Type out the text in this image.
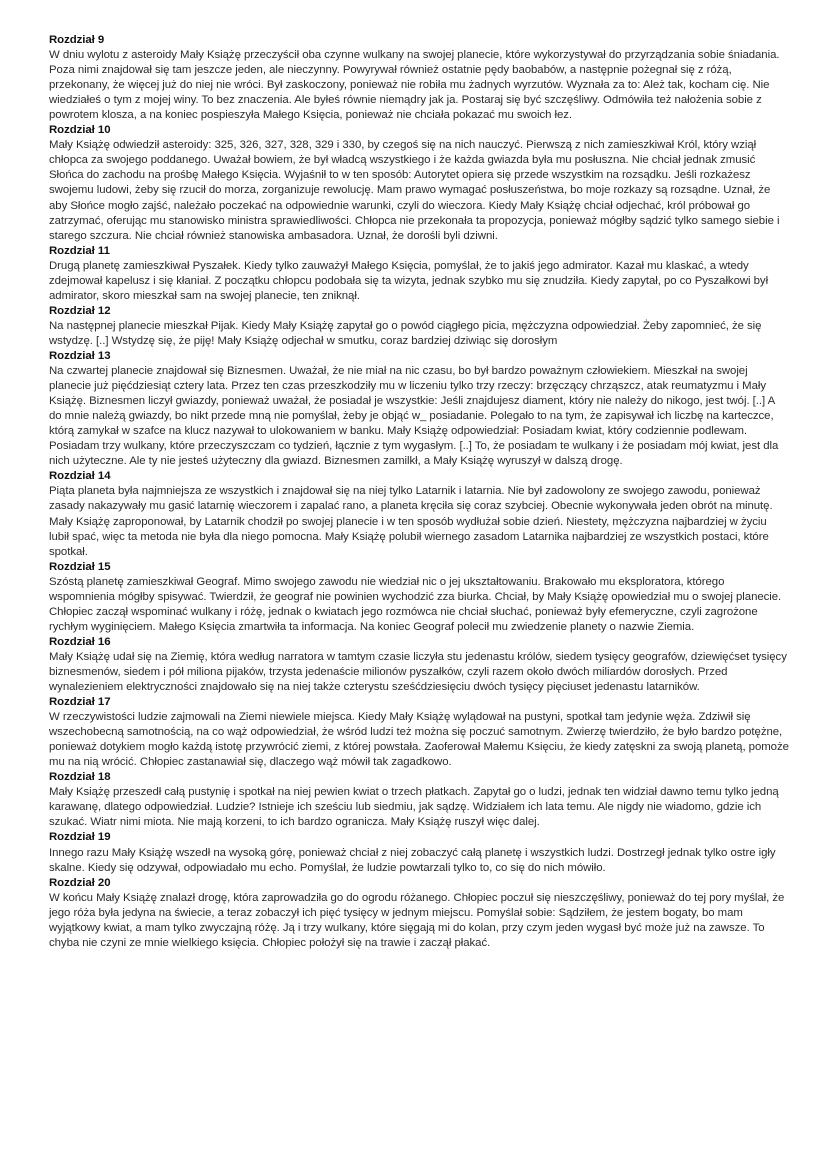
Rozdział 9

W dniu wylotu z asteroidy Mały Książę przeczyścił oba czynne wulkany na swojej planecie, które wykorzystywał do przyrządzania sobie śniadania. Poza nimi znajdował się tam jeszcze jeden, ale nieczynny. Powyrywał również ostatnie pędy baobabów, a następnie pożegnał się z różą, przekonany, że więcej już do niej nie wróci. Był zaskoczony, ponieważ nie robiła mu żadnych wyrzutów. Wyznała za to: Ależ tak, kocham cię. Nie wiedziałeś o tym z mojej winy. To bez znaczenia. Ale byłeś równie niemądry jak ja. Postaraj się być szczęśliwy. Odmówiła też nałożenia sobie z powrotem klosza, a na koniec pospieszyła Małego Księcia, ponieważ nie chciała pokazać mu swoich łez.

Rozdział 10

Mały Książę odwiedził asteroidy: 325, 326, 327, 328, 329 i 330, by czegoś się na nich nauczyć. Pierwszą z nich zamieszkiwał Król, który wziął chłopca za swojego poddanego. Uważał bowiem, że był władcą wszystkiego i że każda gwiazda była mu posłuszna. Nie chciał jednak zmusić Słońca do zachodu na prośbę Małego Księcia. Wyjaśnił to w ten sposób: Autorytet opiera się przede wszystkim na rozsądku. Jeśli rozkażesz swojemu ludowi, żeby się rzucił do morza, zorganizuje rewolucję. Mam prawo wymagać posłuszeństwa, bo moje rozkazy są rozsądne. Uznał, że aby Słońce mogło zajść, należało poczekać na odpowiednie warunki, czyli do wieczora. Kiedy Mały Książę chciał odjechać, król próbował go zatrzymać, oferując mu stanowisko ministra sprawiedliwości. Chłopca nie przekonała ta propozycja, ponieważ mógłby sądzić tylko samego siebie i starego szczura. Nie chciał również stanowiska ambasadora. Uznał, że dorośli byli dziwni.

Rozdział 11

Drugą planetę zamieszkiwał Pyszałek. Kiedy tylko zauważył Małego Księcia, pomyślał, że to jakiś jego admirator. Kazał mu klaskać, a wtedy zdejmował kapelusz i się kłaniał. Z początku chłopcu podobała się ta wizyta, jednak szybko mu się znudziła. Kiedy zapytał, po co Pyszałkowi był admirator, skoro mieszkał sam na swojej planecie, ten zniknął.

Rozdział 12

Na następnej planecie mieszkał Pijak. Kiedy Mały Książę zapytał go o powód ciągłego picia, mężczyzna odpowiedział. Żeby zapomnieć, że się wstydzę. [..] Wstydzę się, że piję! Mały Książę odjechał w smutku, coraz bardziej dziwiąc się dorosłym

Rozdział 13

Na czwartej planecie znajdował się Biznesmen. Uważał, że nie miał na nic czasu, bo był bardzo poważnym człowiekiem. Mieszkał na swojej planecie już pięćdziesiąt cztery lata. Przez ten czas przeszkodziły mu w liczeniu tylko trzy rzeczy: brzęczący chrząszcz, atak reumatyzmu i Mały Książę. Biznesmen liczył gwiazdy, ponieważ uważał, że posiadał je wszystkie: Jeśli znajdujesz diament, który nie należy do nikogo, jest twój. [..] A do mnie należą gwiazdy, bo nikt przede mną nie pomyślał, żeby je objąć w_ posiadanie. Polegało to na tym, że zapisywał ich liczbę na karteczce, którą zamykał w szafce na klucz nazywał to ulokowaniem w banku. Mały Książę odpowiedział: Posiadam kwiat, który codziennie podlewam. Posiadam trzy wulkany, które przeczyszczam co tydzień, łącznie z tym wygasłym. [..] To, że posiadam te wulkany i że posiadam mój kwiat, jest dla nich użyteczne. Ale ty nie jesteś użyteczny dla gwiazd. Biznesmen zamilkł, a Mały Książę wyruszył w dalszą drogę.

Rozdział 14

Piąta planeta była najmniejsza ze wszystkich i znajdował się na niej tylko Latarnik i latarnia. Nie był zadowolony ze swojego zawodu, ponieważ zasady nakazywały mu gasić latarnię wieczorem i zapalać rano, a planeta kręciła się coraz szybciej. Obecnie wykonywała jeden obrót na minutę. Mały Książę zaproponował, by Latarnik chodził po swojej planecie i w ten sposób wydłużał sobie dzień. Niestety, mężczyzna najbardziej w życiu lubił spać, więc ta metoda nie była dla niego pomocna. Mały Książę polubił wiernego zasadom Latarnika najbardziej ze wszystkich postaci, które spotkał.

Rozdział 15

Szóstą planetę zamieszkiwał Geograf. Mimo swojego zawodu nie wiedział nic o jej ukształtowaniu. Brakowało mu eksploratora, którego wspomnienia mógłby spisywać. Twierdził, że geograf nie powinien wychodzić zza biurka. Chciał, by Mały Książę opowiedział mu o swojej planecie. Chłopiec zaczął wspominać wulkany i różę, jednak o kwiatach jego rozmówca nie chciał słuchać, ponieważ były efemeryczne, czyli zagrożone rychłym wyginięciem. Małego Księcia zmartwiła ta informacja. Na koniec Geograf polecił mu zwiedzenie planety o nazwie Ziemia.

Rozdział 16

Mały Książę udał się na Ziemię, która według narratora w tamtym czasie liczyła stu jedenastu królów, siedem tysięcy geografów, dziewięćset tysięcy biznesmenów, siedem i pół miliona pijaków, trzysta jedenaście milionów pyszałków, czyli razem około dwóch miliardów dorosłych. Przed wynalezieniem elektryczności znajdowało się na niej także czterystu sześćdziesięciu dwóch tysięcy pięciuset jedenastu latarników.

Rozdział 17

W rzeczywistości ludzie zajmowali na Ziemi niewiele miejsca. Kiedy Mały Książę wylądował na pustyni, spotkał tam jedynie węża. Zdziwił się wszechobecną samotnością, na co wąż odpowiedział, że wśród ludzi też można się poczuć samotnym. Zwierzę twierdziło, że było bardzo potężne, ponieważ dotykiem mogło każdą istotę przywrócić ziemi, z której powstała. Zaoferował Małemu Księciu, że kiedy zatęskni za swoją planetą, pomoże mu na nią wrócić. Chłopiec zastanawiał się, dlaczego wąż mówił tak zagadkowo.

Rozdział 18

Mały Książę przeszedł całą pustynię i spotkał na niej pewien kwiat o trzech płatkach. Zapytał go o ludzi, jednak ten widział dawno temu tylko jedną karawanę, dlatego odpowiedział. Ludzie? Istnieje ich sześciu lub siedmiu, jak sądzę. Widziałem ich lata temu. Ale nigdy nie wiadomo, gdzie ich szukać. Wiatr nimi miota. Nie mają korzeni, to ich bardzo ogranicza. Mały Książę ruszył więc dalej.

Rozdział 19

Innego razu Mały Książę wszedł na wysoką górę, ponieważ chciał z niej zobaczyć całą planetę i wszystkich ludzi. Dostrzegł jednak tylko ostre igły skalne. Kiedy się odzywał, odpowiadało mu echo. Pomyślał, że ludzie powtarzali tylko to, co się do nich mówiło.

Rozdział 20

W końcu Mały Książę znalazł drogę, która zaprowadziła go do ogrodu różanego. Chłopiec poczuł się nieszczęśliwy, ponieważ do tej pory myślał, że jego róża była jedyna na świecie, a teraz zobaczył ich pięć tysięcy w jednym miejscu. Pomyślał sobie: Sądziłem, że jestem bogaty, bo mam wyjątkowy kwiat, a mam tylko zwyczajną różę. Ją i trzy wulkany, które sięgają mi do kolan, przy czym jeden wygasł być może już na zawsze. To chyba nie czyni ze mnie wielkiego księcia. Chłopiec położył się na trawie i zaczął płakać.
